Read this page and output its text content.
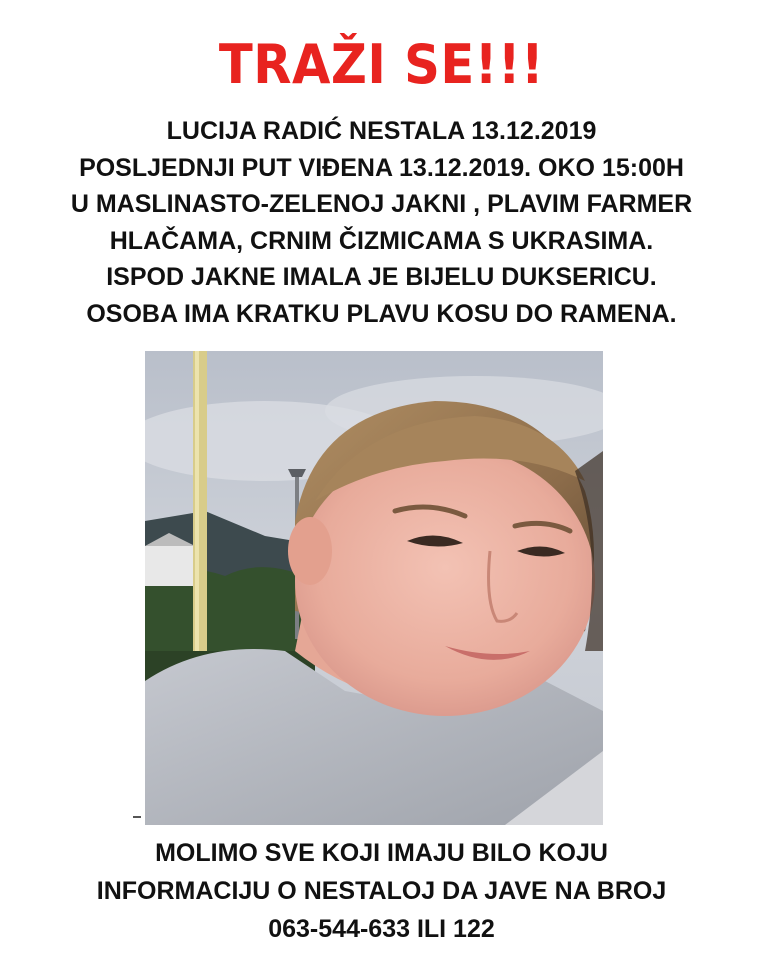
TRAŽI SE!!!
LUCIJA RADIĆ NESTALA 13.12.2019
POSLJEDNJI PUT VIĐENA 13.12.2019. OKO 15:00H
U MASLINASTO-ZELENOJ JAKNI , PLAVIM FARMER
HLAČAMA, CRNIM ČIZMICAMA S UKRASIMA.
ISPOD JAKNE IMALA JE BIJELU DUKSERICU.
OSOBA IMA KRATKU PLAVU KOSU DO RAMENA.
MOLIMO SVE KOJI IMAJU BILO KOJU
INFORMACIJU O NESTALOJ DA JAVE NA BROJ
063-544-633 ILI 122
